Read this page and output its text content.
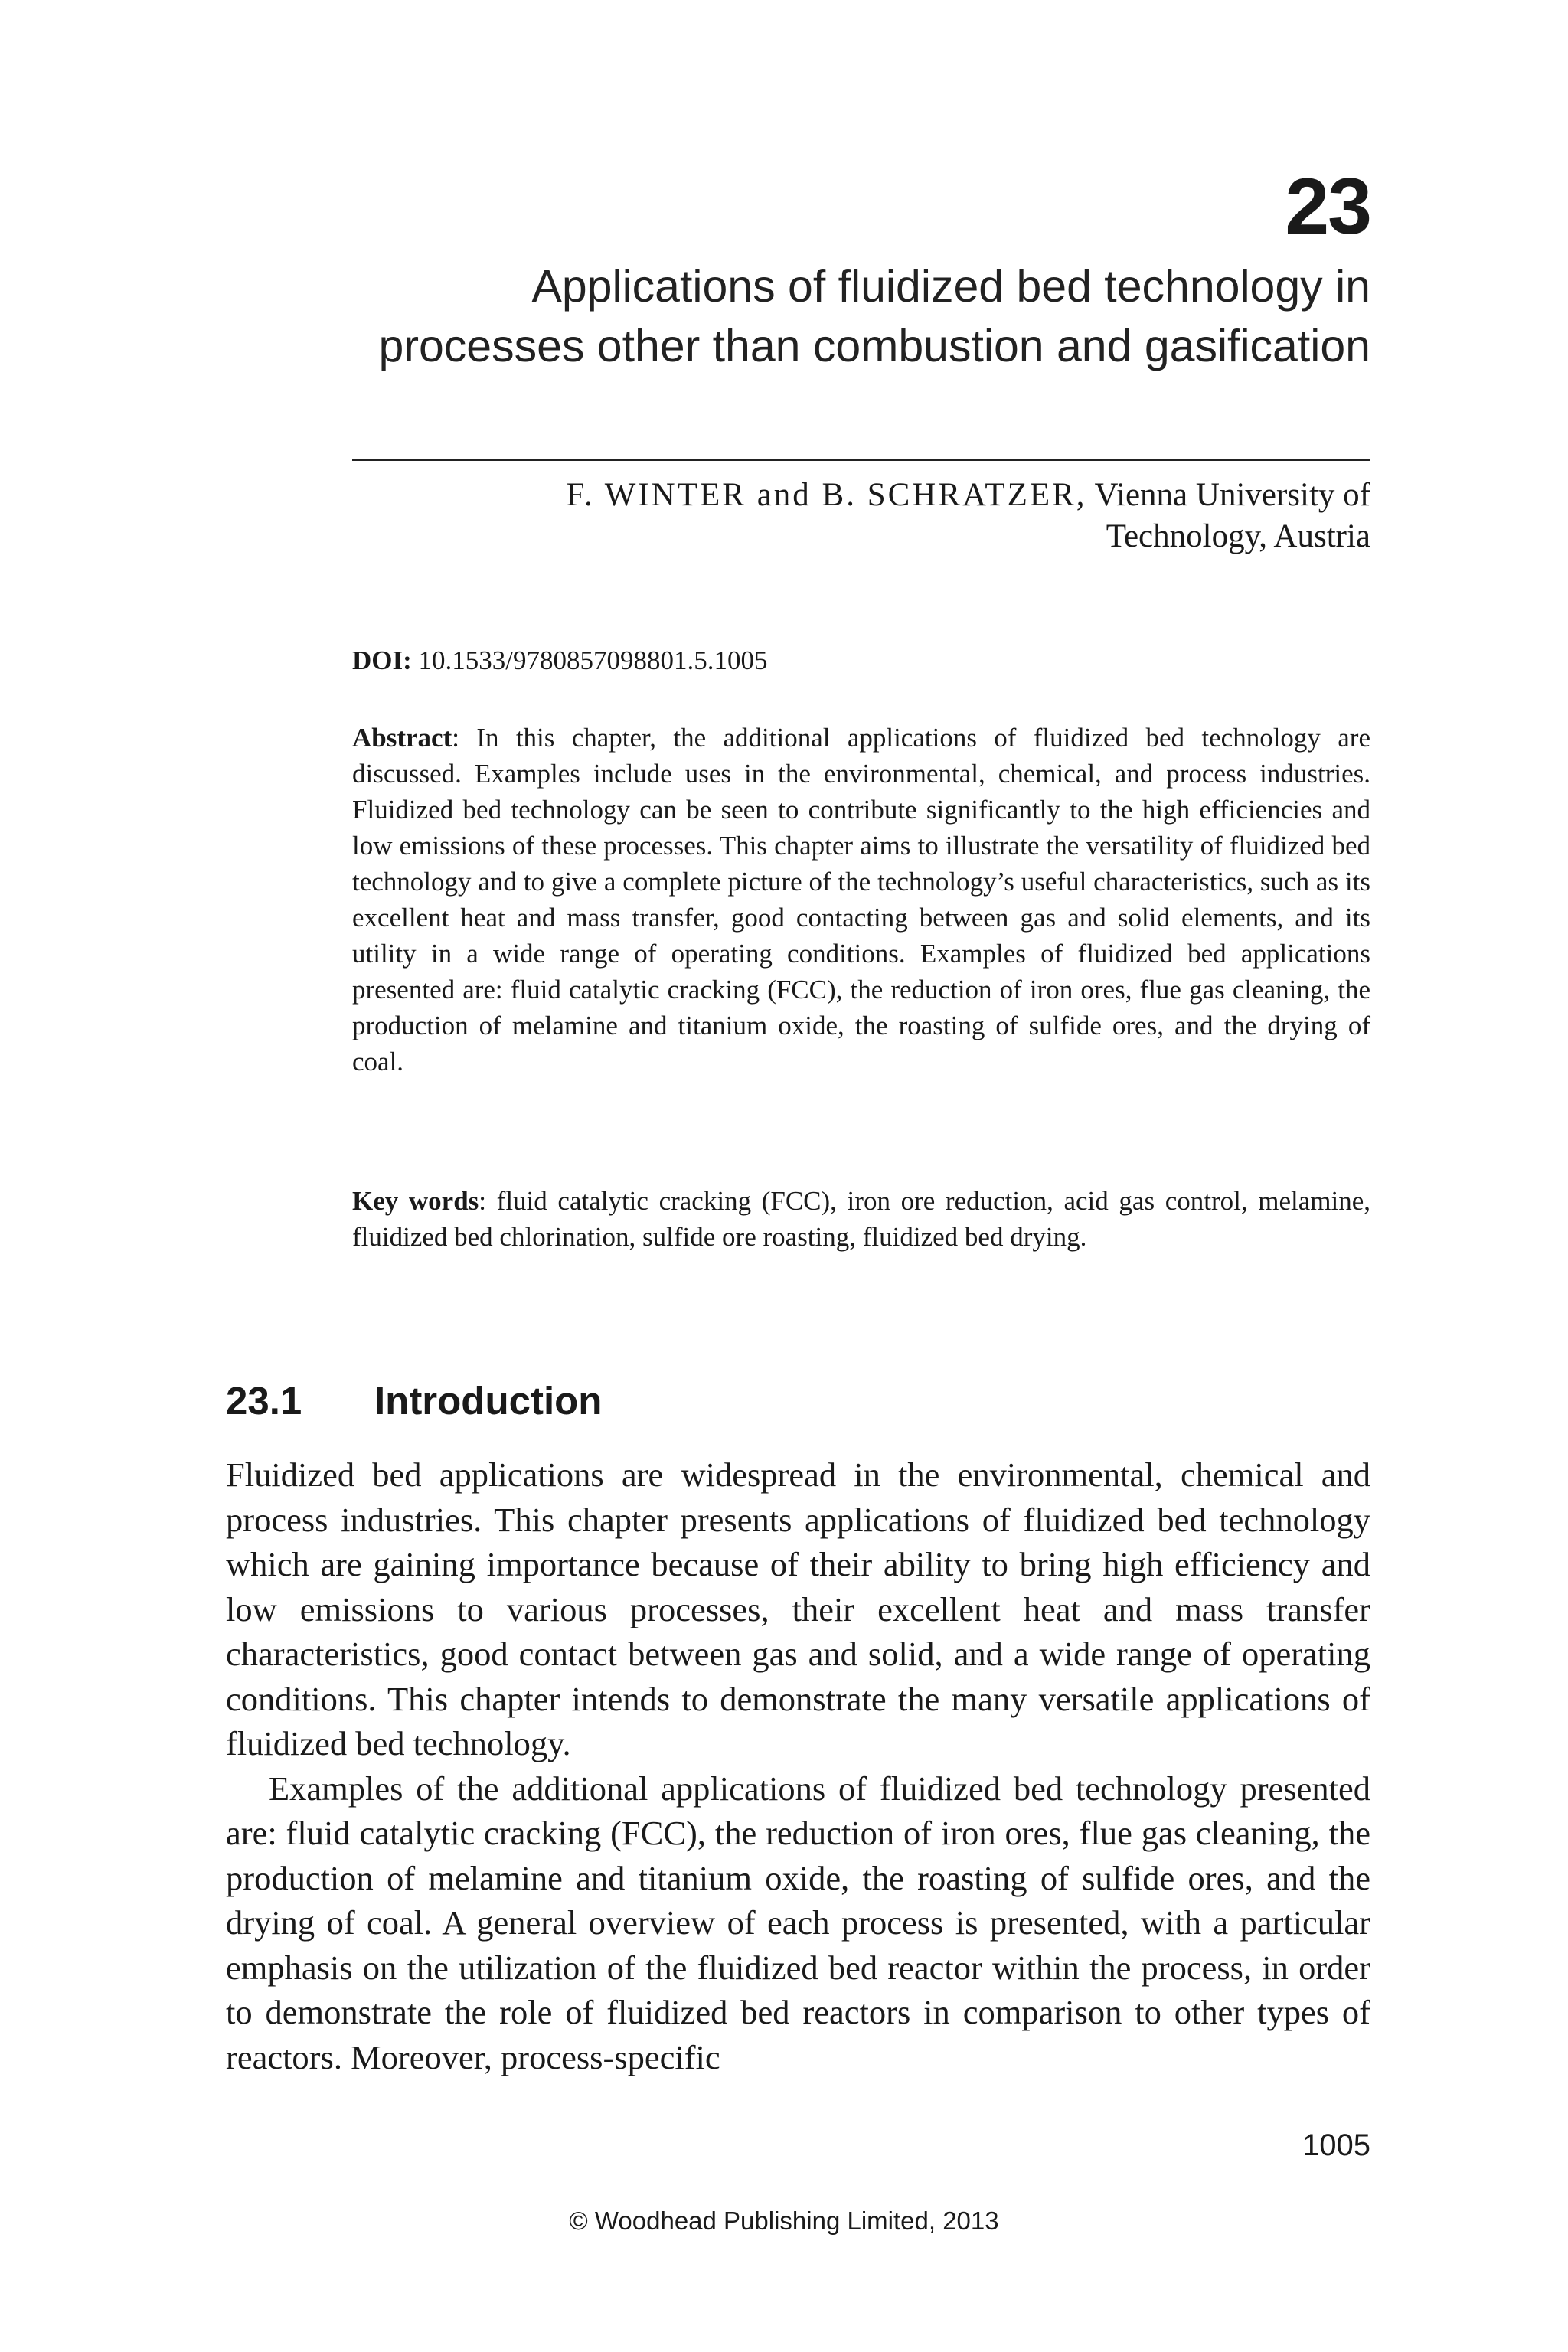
23
Applications of fluidized bed technology in processes other than combustion and gasification
F. WINTER and B. SCHRATZER, Vienna University of
Technology, Austria
DOI: 10.1533/9780857098801.5.1005

Abstract: In this chapter, the additional applications of fluidized bed technology are discussed. Examples include uses in the environmental, chemical, and process industries. Fluidized bed technology can be seen to contribute significantly to the high efficiencies and low emissions of these processes. This chapter aims to illustrate the versatility of fluidized bed technology and to give a complete picture of the technology’s useful characteristics, such as its excellent heat and mass transfer, good contacting between gas and solid elements, and its utility in a wide range of operating conditions. Examples of fluidized bed applications presented are: fluid catalytic cracking (FCC), the reduction of iron ores, flue gas cleaning, the production of melamine and titanium oxide, the roasting of sulfide ores, and the drying of coal.

Key words: fluid catalytic cracking (FCC), iron ore reduction, acid gas control, melamine, fluidized bed chlorination, sulfide ore roasting, fluidized bed drying.

23.1 Introduction

Fluidized bed applications are widespread in the environmental, chemical and process industries. This chapter presents applications of fluidized bed technology which are gaining importance because of their ability to bring high efficiency and low emissions to various processes, their excellent heat and mass transfer characteristics, good contact between gas and solid, and a wide range of operating conditions. This chapter intends to demonstrate the many versatile applications of fluidized bed technology.

Examples of the additional applications of fluidized bed technology presented are: fluid catalytic cracking (FCC), the reduction of iron ores, flue gas cleaning, the production of melamine and titanium oxide, the roasting of sulfide ores, and the drying of coal. A general overview of each process is presented, with a particular emphasis on the utilization of the fluidized bed reactor within the process, in order to demonstrate the role of fluidized bed reactors in comparison to other types of reactors. Moreover, process-specific

1005
© Woodhead Publishing Limited, 2013
